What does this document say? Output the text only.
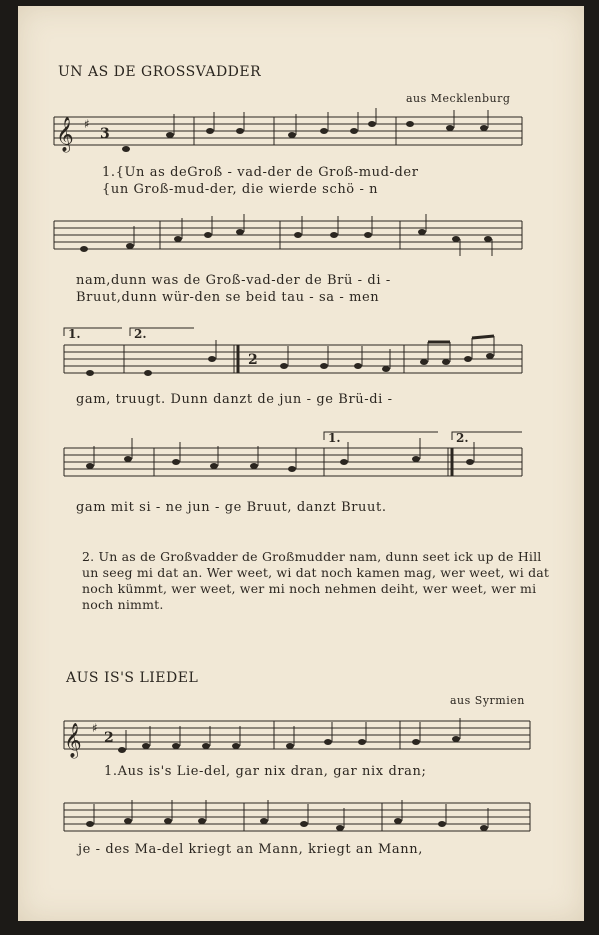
UN AS DE GROSSVADDER
aus Mecklenburg
𝄞 ♯
3
1.{Un as deGroß - vad-der de Groß-mud-der
{un Groß-mud-der, die wierde schö - n
nam,dunn was de Groß-vad-der de Brü - di -
Bruut,dunn wür-den se beid tau - sa - men
1.	2.
2
gam, truugt. Dunn danzt de jun - ge Brü-di -
1.	2.
gam mit si - ne jun - ge Bruut, danzt Bruut.
2. Un as de Großvadder de Großmudder nam, dunn seet ick up de Hill un seeg mi dat an. Wer weet, wi dat noch kamen mag, wer weet, wi dat noch kümmt, wer weet, wer mi noch nehmen deiht, wer weet, wer mi noch nimmt.
AUS IS'S LIEDEL
aus Syrmien
𝄞 ♯
2
1.Aus is's Lie-del, gar nix dran, gar nix dran;
je - des Ma-del kriegt an Mann, kriegt an Mann,
